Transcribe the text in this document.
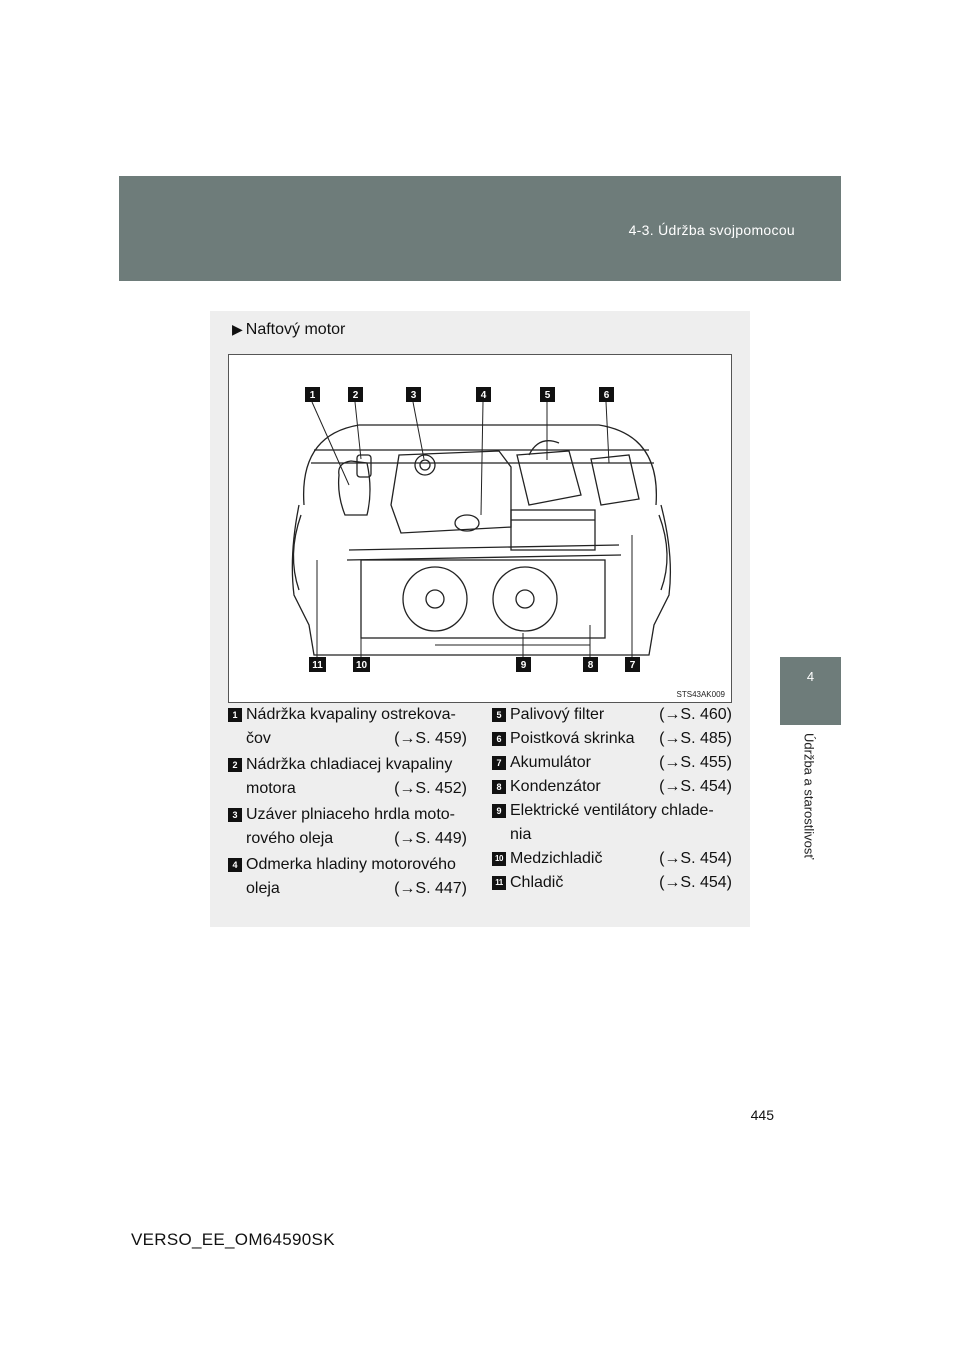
4-3. Údržba svojpomocou
4
Údržba a starostlivosť
▶ Naftový motor
1	2	3	4	5	6
11	10	9	8	7
STS43AK009
1 Nádržka kvapaliny ostrekova-
čov	(→S. 459)
2 Nádržka chladiacej kvapaliny
motora	(→S. 452)
3 Uzáver plniaceho hrdla moto-
rového oleja	(→S. 449)
4 Odmerka hladiny motorového
oleja	(→S. 447)
5 Palivový filter	(→S. 460)
6 Poistková skrinka (→S. 485)
7 Akumulátor	(→S. 455)
8 Kondenzátor	(→S. 454)
9 Elektrické ventilátory chlade-
nia
10 Medzichladič	(→S. 454)
11 Chladič	(→S. 454)
445
VERSO_EE_OM64590SK
